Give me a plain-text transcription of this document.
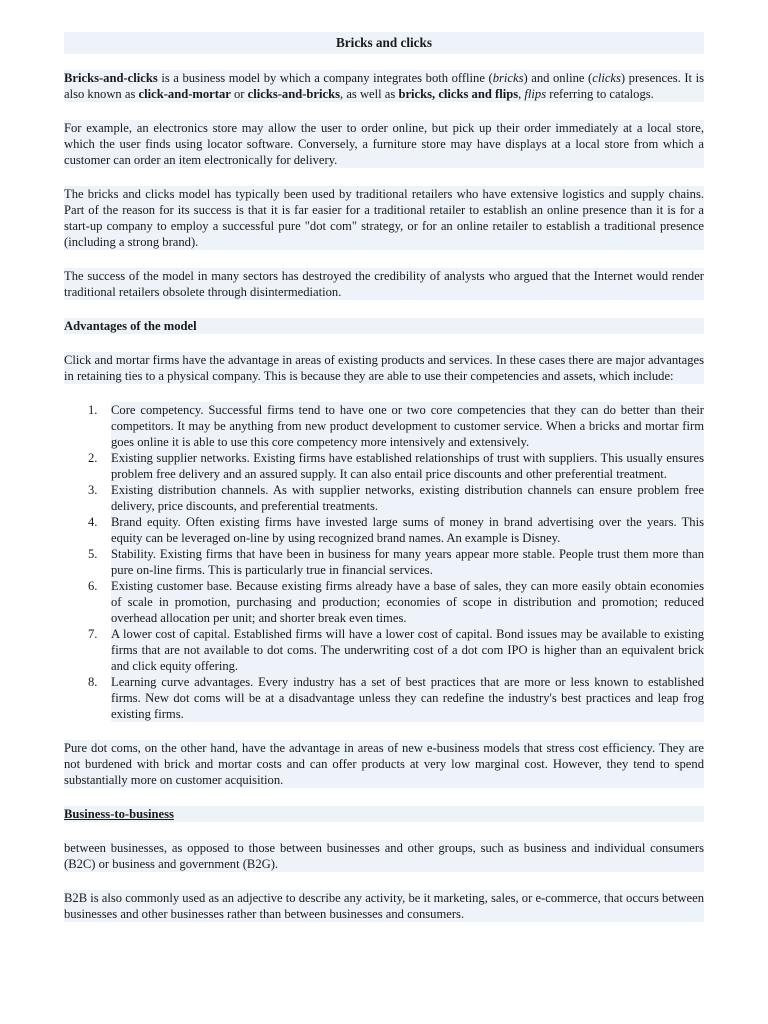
Bricks and clicks

Bricks-and-clicks is a business model by which a company integrates both offline (bricks) and online (clicks) presences. It is also known as click-and-mortar or clicks-and-bricks, as well as bricks, clicks and flips, flips referring to catalogs.

For example, an electronics store may allow the user to order online, but pick up their order immediately at a local store, which the user finds using locator software. Conversely, a furniture store may have displays at a local store from which a customer can order an item electronically for delivery.

The bricks and clicks model has typically been used by traditional retailers who have extensive logistics and supply chains. Part of the reason for its success is that it is far easier for a traditional retailer to establish an online presence than it is for a start-up company to employ a successful pure "dot com" strategy, or for an online retailer to establish a traditional presence (including a strong brand).

The success of the model in many sectors has destroyed the credibility of analysts who argued that the Internet would render traditional retailers obsolete through disintermediation.

Advantages of the model

Click and mortar firms have the advantage in areas of existing products and services. In these cases there are major advantages in retaining ties to a physical company. This is because they are able to use their competencies and assets, which include:

1.	Core competency. Successful firms tend to have one or two core competencies that they can do better than their competitors. It may be anything from new product development to customer service. When a bricks and mortar firm goes online it is able to use this core competency more intensively and extensively.
2.	Existing supplier networks. Existing firms have established relationships of trust with suppliers. This usually ensures problem free delivery and an assured supply. It can also entail price discounts and other preferential treatment.
3.	Existing distribution channels. As with supplier networks, existing distribution channels can ensure problem free delivery, price discounts, and preferential treatments.
4.	Brand equity. Often existing firms have invested large sums of money in brand advertising over the years. This equity can be leveraged on-line by using recognized brand names. An example is Disney.
5.	Stability. Existing firms that have been in business for many years appear more stable. People trust them more than pure on-line firms. This is particularly true in financial services.
6.	Existing customer base. Because existing firms already have a base of sales, they can more easily obtain economies of scale in promotion, purchasing and production; economies of scope in distribution and promotion; reduced overhead allocation per unit; and shorter break even times.
7.	A lower cost of capital. Established firms will have a lower cost of capital. Bond issues may be available to existing firms that are not available to dot coms. The underwriting cost of a dot com IPO is higher than an equivalent brick and click equity offering.
8.	Learning curve advantages. Every industry has a set of best practices that are more or less known to established firms. New dot coms will be at a disadvantage unless they can redefine the industry's best practices and leap frog existing firms.

Pure dot coms, on the other hand, have the advantage in areas of new e-business models that stress cost efficiency. They are not burdened with brick and mortar costs and can offer products at very low marginal cost. However, they tend to spend substantially more on customer acquisition.

Business-to-business

between businesses, as opposed to those between businesses and other groups, such as business and individual consumers (B2C) or business and government (B2G).

B2B is also commonly used as an adjective to describe any activity, be it marketing, sales, or e-commerce, that occurs between businesses and other businesses rather than between businesses and consumers.
